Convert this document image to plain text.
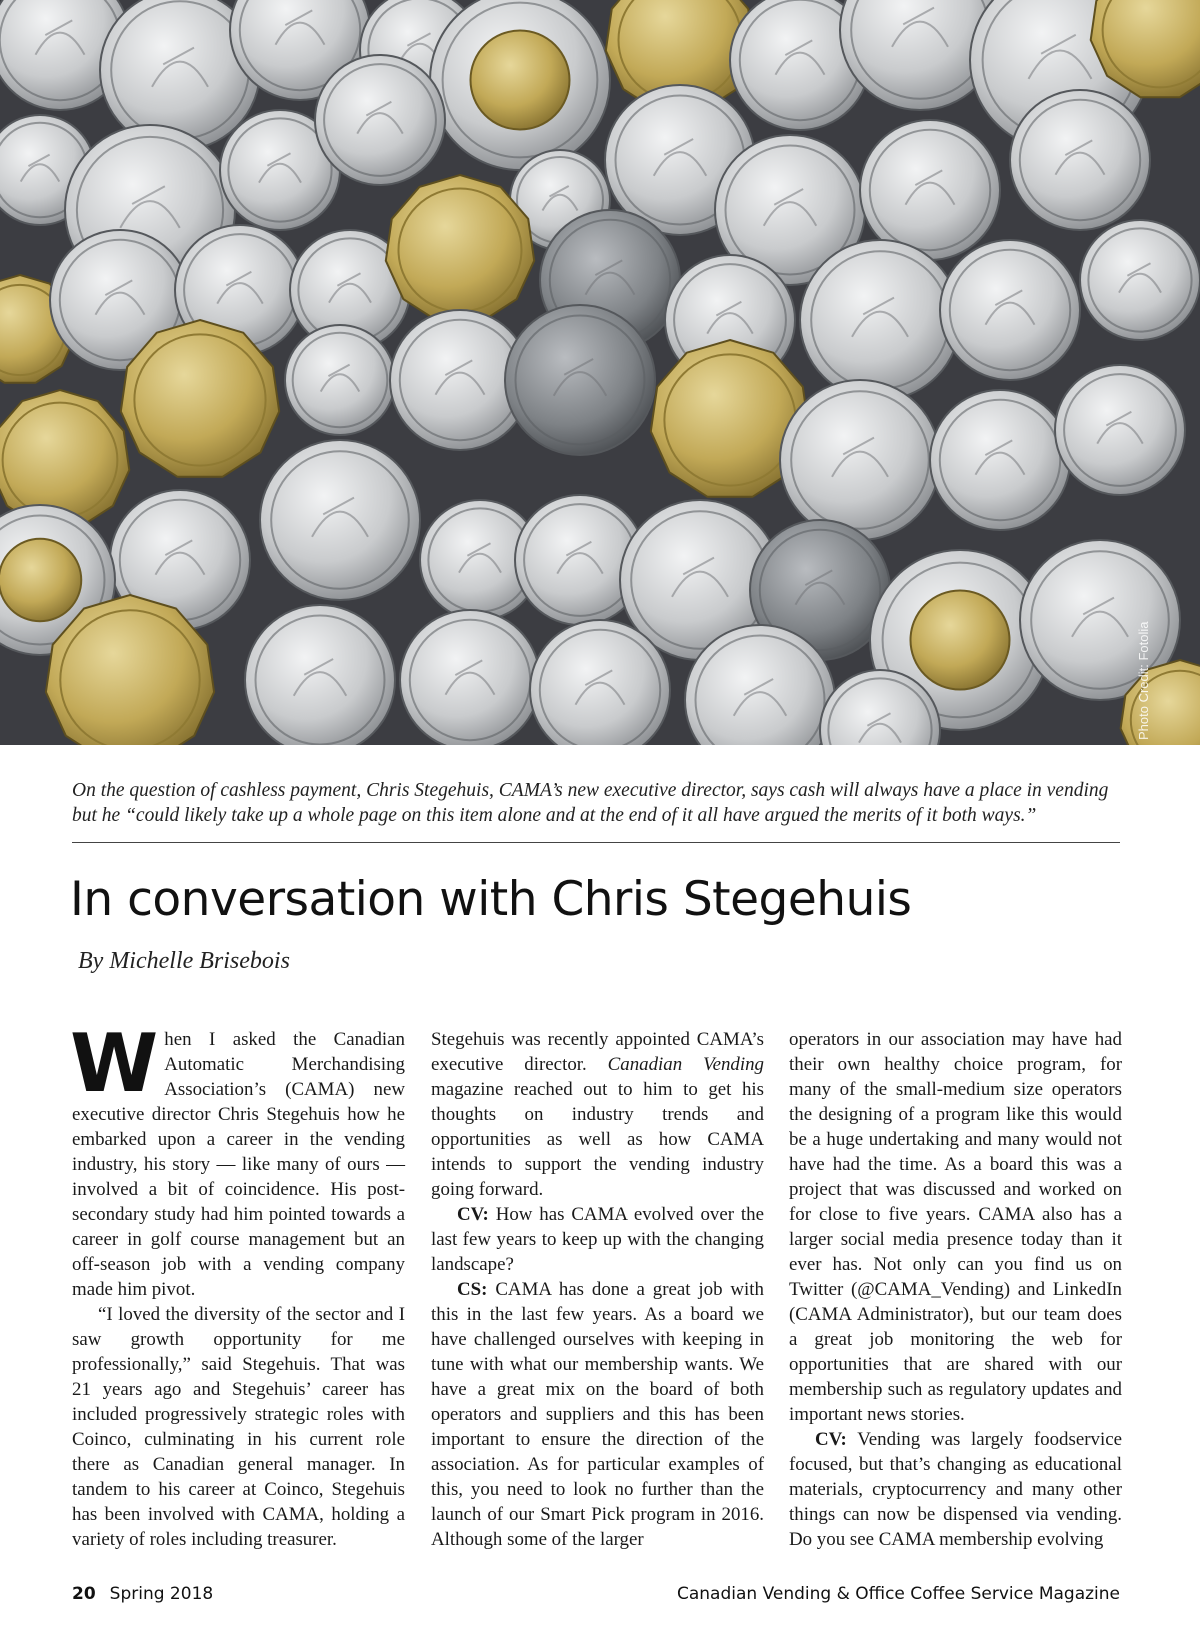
On the question of cashless payment, Chris Stegehuis, CAMA’s new executive director, says cash will always have a place in vending but he “could likely take up a whole page on this item alone and at the end of it all have argued the merits of it both ways.”

In conversation with Chris Stegehuis

By Michelle Brisebois

When I asked the Canadian Automatic Merchandising Association’s (CAMA) new executive director Chris Stegehuis how he embarked upon a career in the vending industry, his story — like many of ours — involved a bit of coincidence. His post-secondary study had him pointed towards a career in golf course management but an off-season job with a vending company made him pivot.

“I loved the diversity of the sector and I saw growth opportunity for me professionally,” said Stegehuis. That was 21 years ago and Stegehuis’ career has included progressively strategic roles with Coinco, culminating in his current role there as Canadian general manager. In tandem to his career at Coinco, Stegehuis has been involved with CAMA, holding a variety of roles including treasurer.

Stegehuis was recently appointed CAMA’s executive director. Canadian Vending magazine reached out to him to get his thoughts on industry trends and opportunities as well as how CAMA intends to support the vending industry going forward.

CV: How has CAMA evolved over the last few years to keep up with the changing landscape?

CS: CAMA has done a great job with this in the last few years. As a board we have challenged ourselves with keeping in tune with what our membership wants. We have a great mix on the board of both operators and suppliers and this has been important to ensure the direction of the association. As for particular examples of this, you need to look no further than the launch of our Smart Pick program in 2016. Although some of the larger

operators in our association may have had their own healthy choice program, for many of the small-medium size operators the designing of a program like this would be a huge undertaking and many would not have had the time. As a board this was a project that was discussed and worked on for close to five years. CAMA also has a larger social media presence today than it ever has. Not only can you find us on Twitter (@CAMA_Vending) and LinkedIn (CAMA Administrator), but our team does a great job monitoring the web for opportunities that are shared with our membership such as regulatory updates and important news stories.

CV: Vending was largely foodservice focused, but that’s changing as educational materials, cryptocurrency and many other things can now be dispensed via vending. Do you see CAMA membership evolving

20 Spring 2018	Canadian Vending & Office Coffee Service Magazine
